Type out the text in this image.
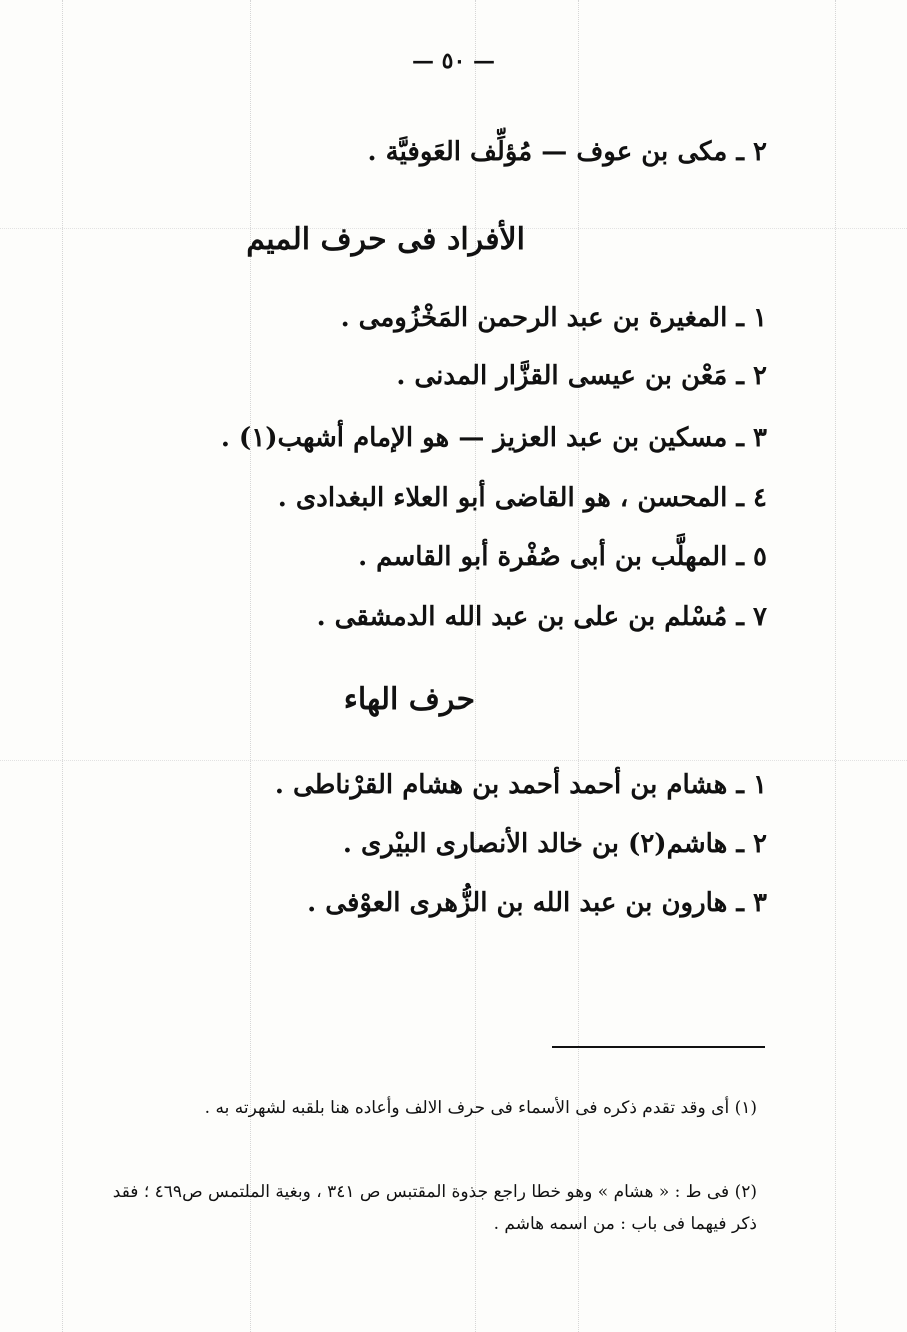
— ٥٠ —
٢ ـ مكى بن عوف — مُؤلِّف العَوفيَّة .
الأفراد فى حرف الميم
١ ـ المغيرة بن عبد الرحمن المَخْزُومى .
٢ ـ مَعْن بن عيسى القزَّار المدنى .
٣ ـ مسكين بن عبد العزيز — هو الإمام أشهب(١) .
٤ ـ المحسن ، هو القاضى أبو العلاء البغدادى .
٥ ـ المهلَّب بن أبى صُفْرة أبو القاسم .
٧ ـ مُسْلم بن على بن عبد الله الدمشقى .
حرف الهاء
١ ـ هشام بن أحمد أحمد بن هشام القرْناطى .
٢ ـ هاشم(٢) بن خالد الأنصارى البيْرى .
٣ ـ هارون بن عبد الله بن الزُّهرى العوْفى .
(١) أى وقد تقدم ذكره فى الأسماء فى حرف الالف وأعاده هنا بلقبه لشهرته به .
(٢) فى ط : « هشام » وهو خطا راجع جذوة المقتبس ص ٣٤١ ، وبغية الملتمس ص٤٦٩ ؛ فقد ذكر فيهما فى باب : من اسمه هاشم .
